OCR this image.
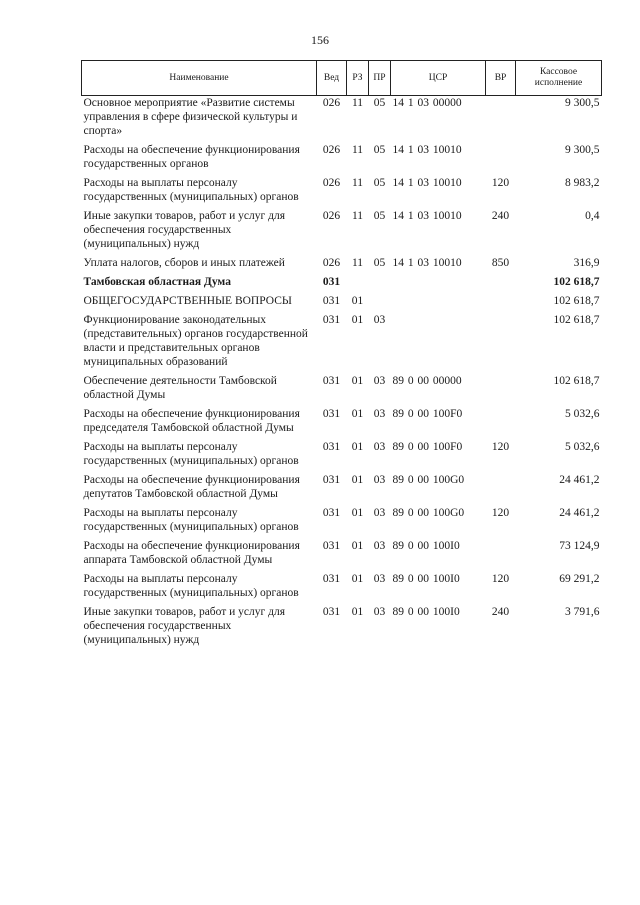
156
Наименование	Вед	РЗ	ПР	ЦСР	ВР	Кассовое исполнение
Основное мероприятие «Развитие системы управления в сфере физической культуры и спорта»	026	11	05	14 1 03 00000		9 300,5
Расходы на обеспечение функционирования государственных органов	026	11	05	14 1 03 10010		9 300,5
Расходы на выплаты персоналу государственных (муниципальных) органов	026	11	05	14 1 03 10010	120	8 983,2
Иные закупки товаров, работ и услуг для обеспечения государственных (муниципальных) нужд	026	11	05	14 1 03 10010	240	0,4
Уплата налогов, сборов и иных платежей	026	11	05	14 1 03 10010	850	316,9
Тамбовская областная Дума	031					102 618,7
ОБЩЕГОСУДАРСТВЕННЫЕ ВОПРОСЫ	031	01				102 618,7
Функционирование законодательных (представительных) органов государственной власти и представительных органов муниципальных образований	031	01	03			102 618,7
Обеспечение деятельности Тамбовской областной Думы	031	01	03	89 0 00 00000		102 618,7
Расходы на обеспечение функционирования председателя Тамбовской областной Думы	031	01	03	89 0 00 100F0		5 032,6
Расходы на выплаты персоналу государственных (муниципальных) органов	031	01	03	89 0 00 100F0	120	5 032,6
Расходы на обеспечение функционирования депутатов Тамбовской областной Думы	031	01	03	89 0 00 100G0		24 461,2
Расходы на выплаты персоналу государственных (муниципальных) органов	031	01	03	89 0 00 100G0	120	24 461,2
Расходы на обеспечение функционирования аппарата Тамбовской областной Думы	031	01	03	89 0 00 100I0		73 124,9
Расходы на выплаты персоналу государственных (муниципальных) органов	031	01	03	89 0 00 100I0	120	69 291,2
Иные закупки товаров, работ и услуг для обеспечения государственных (муниципальных) нужд	031	01	03	89 0 00 100I0	240	3 791,6
